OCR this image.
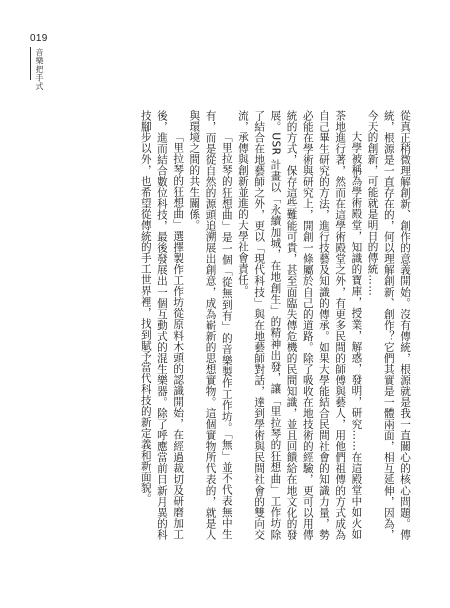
019
音樂把手式

從真正稍微理解創新、創作的意義開始。沒有傳統，根源就是我一直關心的核心問題。傳統，根源是一直存在的，何以理解創新、創作？它們其實是一體兩面，相互延伸，因為，今天的創新，可能就是明日的傳統……

大學被稱為學術殿堂，知識的寶庫，授業，解惑，發明，研究……在這殿堂中如火如荼地進行著，然而在這學術殿堂之外，有更多民間的師傅與藝人，用他們祖傳的方式成為自己畢生研究的方法，進行技藝及知識的傳承。如果大學能結合民間社會的知識力量，勢必能在學術與研究上，開創一條屬於自己的道路。除了吸收在地技術的經驗，更可以用傳統的方式，保存這些難能可貴，甚至面臨失傳危機的民間知識，並且回饋給在地文化的發展。USR 計畫以「永續加城，在地創生」的精神出發，讓「里拉琴的狂想曲」工作坊除了結合在地藝師之外，更以「現代科技」與在地藝師對話，達到學術與民間社會的雙向交流，承傳與創新並進的大學社會責任。

「里拉琴的狂想曲」是一個「從無到有」的音樂製作工作坊。「無」並不代表無中生有，而是從自然的源頭追溯展出創意，成為嶄新的思想實物。這個實物所代表的，就是人與環境之間的共生關係。

「里拉琴的狂想曲」選擇製作工作坊從原料木頭的認識開始，在經過裁切及研磨加工後，進而結合數位科技，最後發展出一個互動式的混生樂器。除了呼應當前日新月異的科技腳步以外，也希望從傳統的手工世界裡，找到賦予當代科技的新定義和新面貌。
